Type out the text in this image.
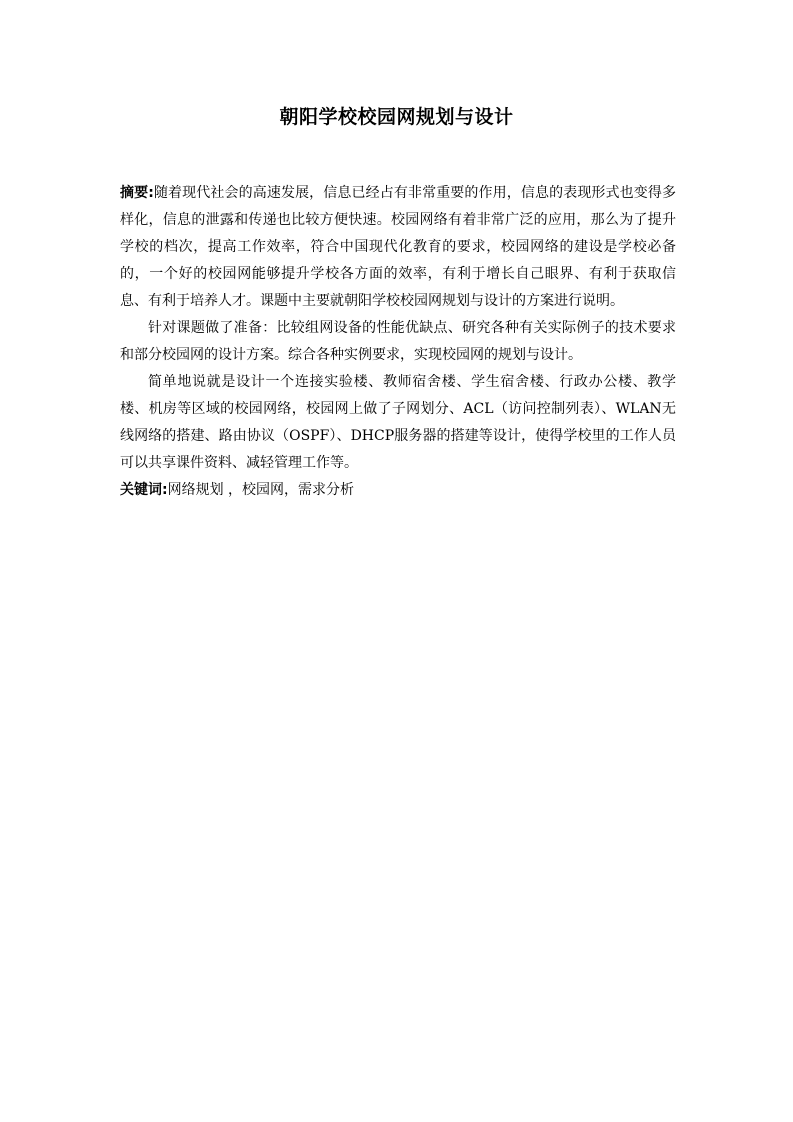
朝阳学校校园网规划与设计

摘要:随着现代社会的高速发展，信息已经占有非常重要的作用，信息的表现形式也变得多样化，信息的泄露和传递也比较方便快速。校园网络有着非常广泛的应用，那么为了提升学校的档次，提高工作效率，符合中国现代化教育的要求，校园网络的建设是学校必备的，一个好的校园网能够提升学校各方面的效率，有利于增长自己眼界、有利于获取信息、有利于培养人才。课题中主要就朝阳学校校园网规划与设计的方案进行说明。

针对课题做了准备：比较组网设备的性能优缺点、研究各种有关实际例子的技术要求和部分校园网的设计方案。综合各种实例要求，实现校园网的规划与设计。

简单地说就是设计一个连接实验楼、教师宿舍楼、学生宿舍楼、行政办公楼、教学楼、机房等区域的校园网络，校园网上做了子网划分、ACL（访问控制列表）、WLAN无线网络的搭建、路由协议（OSPF）、DHCP服务器的搭建等设计，使得学校里的工作人员可以共享课件资料、减轻管理工作等。

关键词:网络规划 ，校园网，需求分析
